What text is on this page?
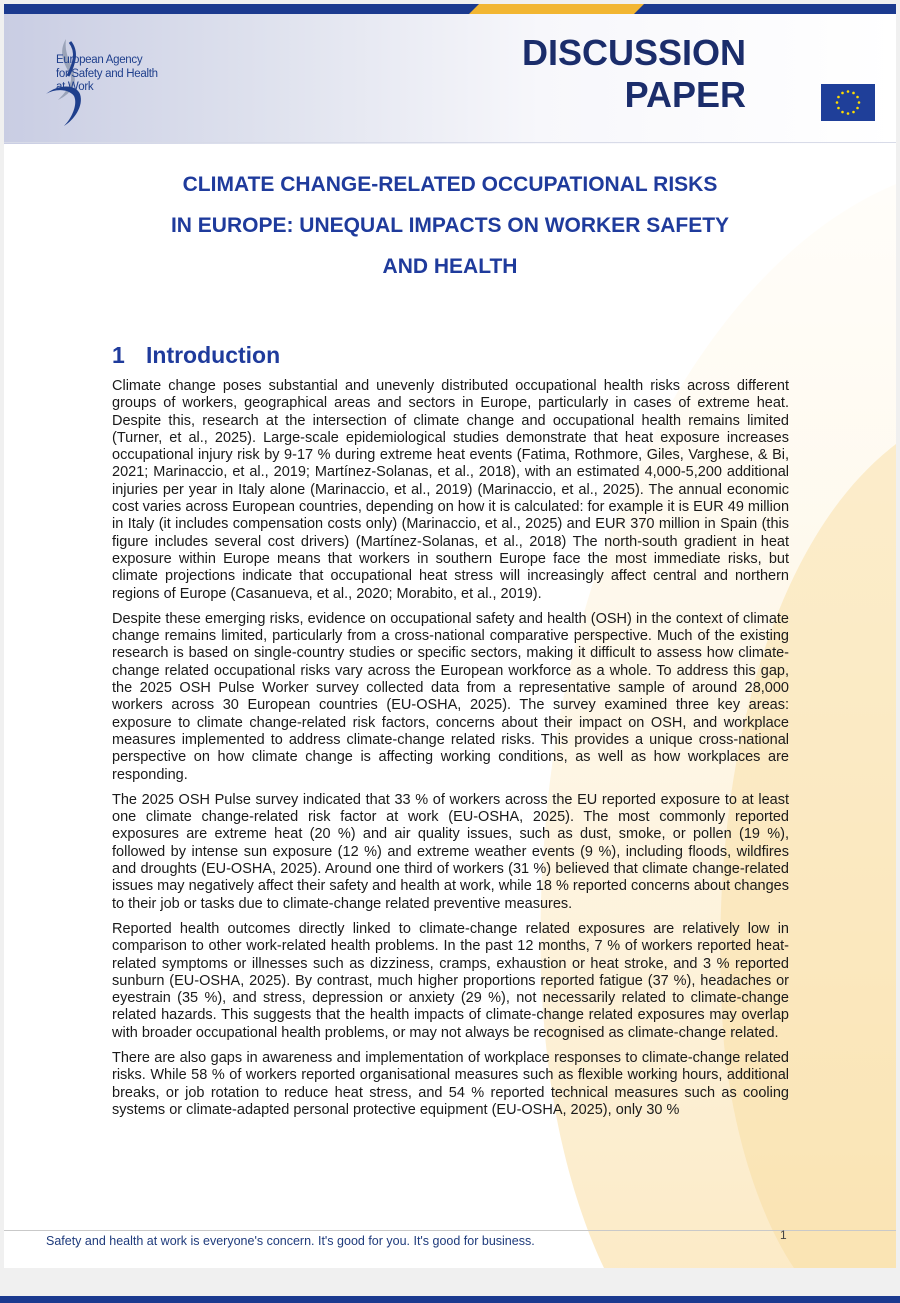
European Agency
for Safety and Health
at Work
DISCUSSION
PAPER
CLIMATE CHANGE-RELATED OCCUPATIONAL RISKS
IN EUROPE: UNEQUAL IMPACTS ON WORKER SAFETY
AND HEALTH
1 Introduction

Climate change poses substantial and unevenly distributed occupational health risks across different groups of workers, geographical areas and sectors in Europe, particularly in cases of extreme heat. Despite this, research at the intersection of climate change and occupational health remains limited (Turner, et al., 2025). Large-scale epidemiological studies demonstrate that heat exposure increases occupational injury risk by 9-17 % during extreme heat events (Fatima, Rothmore, Giles, Varghese, & Bi, 2021; Marinaccio, et al., 2019; Martínez-Solanas, et al., 2018), with an estimated 4,000-5,200 additional injuries per year in Italy alone (Marinaccio, et al., 2019) (Marinaccio, et al., 2025). The annual economic cost varies across European countries, depending on how it is calculated: for example it is EUR 49 million in Italy (it includes compensation costs only) (Marinaccio, et al., 2025) and EUR 370 million in Spain (this figure includes several cost drivers) (Martínez-Solanas, et al., 2018) The north-south gradient in heat exposure within Europe means that workers in southern Europe face the most immediate risks, but climate projections indicate that occupational heat stress will increasingly affect central and northern regions of Europe (Casanueva, et al., 2020; Morabito, et al., 2019).

Despite these emerging risks, evidence on occupational safety and health (OSH) in the context of climate change remains limited, particularly from a cross-national comparative perspective. Much of the existing research is based on single-country studies or specific sectors, making it difficult to assess how climate-change related occupational risks vary across the European workforce as a whole. To address this gap, the 2025 OSH Pulse Worker survey collected data from a representative sample of around 28,000 workers across 30 European countries (EU-OSHA, 2025). The survey examined three key areas: exposure to climate change-related risk factors, concerns about their impact on OSH, and workplace measures implemented to address climate-change related risks. This provides a unique cross-national perspective on how climate change is affecting working conditions, as well as how workplaces are responding.

The 2025 OSH Pulse survey indicated that 33 % of workers across the EU reported exposure to at least one climate change-related risk factor at work (EU-OSHA, 2025). The most commonly reported exposures are extreme heat (20 %) and air quality issues, such as dust, smoke, or pollen (19 %), followed by intense sun exposure (12 %) and extreme weather events (9 %), including floods, wildfires and droughts (EU-OSHA, 2025). Around one third of workers (31 %) believed that climate change-related issues may negatively affect their safety and health at work, while 18 % reported concerns about changes to their job or tasks due to climate-change related preventive measures.

Reported health outcomes directly linked to climate-change related exposures are relatively low in comparison to other work-related health problems. In the past 12 months, 7 % of workers reported heat-related symptoms or illnesses such as dizziness, cramps, exhaustion or heat stroke, and 3 % reported sunburn (EU-OSHA, 2025). By contrast, much higher proportions reported fatigue (37 %), headaches or eyestrain (35 %), and stress, depression or anxiety (29 %), not necessarily related to climate-change related hazards. This suggests that the health impacts of climate-change related exposures may overlap with broader occupational health problems, or may not always be recognised as climate-change related.

There are also gaps in awareness and implementation of workplace responses to climate-change related risks. While 58 % of workers reported organisational measures such as flexible working hours, additional breaks, or job rotation to reduce heat stress, and 54 % reported technical measures such as cooling systems or climate-adapted personal protective equipment (EU-OSHA, 2025), only 30 %

Safety and health at work is everyone's concern. It's good for you. It's good for business.	1
